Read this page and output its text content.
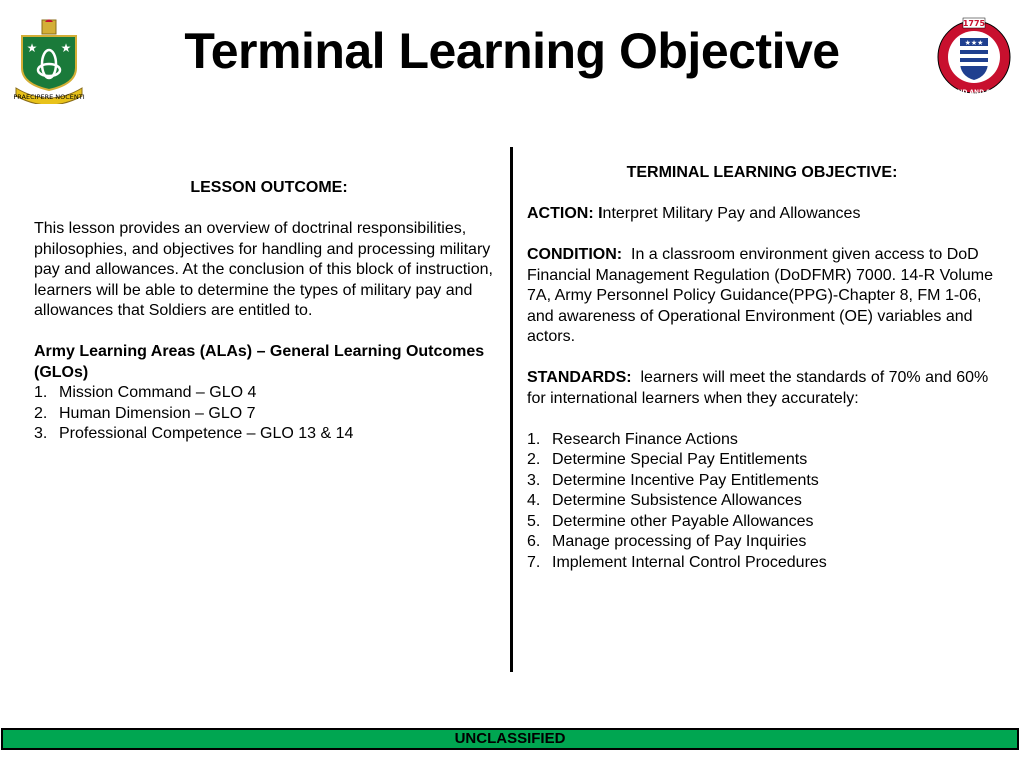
★ ★
PRAECIPERE NOCENTI
Terminal Learning Objective	1775
★★★
DEFEND AND SERVE

LESSON OUTCOME:

This lesson provides an overview of doctrinal responsibilities, philosophies, and objectives for handling and processing military pay and allowances. At the conclusion of this block of instruction, learners will be able to determine the types of military pay and allowances that Soldiers are entitled to.

Army Learning Areas (ALAs) – General Learning Outcomes (GLOs)

1. Mission Command – GLO 4
2. Human Dimension – GLO 7
3. Professional Competence – GLO 13 & 14

TERMINAL LEARNING OBJECTIVE:

ACTION: Interpret Military Pay and Allowances

CONDITION:  In a classroom environment given access to DoD Financial Management Regulation (DoDFMR) 7000. 14-R Volume 7A, Army Personnel Policy Guidance(PPG)-Chapter 8, FM 1-06, and awareness of Operational Environment (OE) variables and actors.

STANDARDS:  learners will meet the standards of 70% and 60% for international learners when they accurately:

1. Research Finance Actions
2. Determine Special Pay Entitlements
3. Determine Incentive Pay Entitlements
4. Determine Subsistence Allowances
5. Determine other Payable Allowances
6. Manage processing of Pay Inquiries
7. Implement Internal Control Procedures
UNCLASSIFIED
